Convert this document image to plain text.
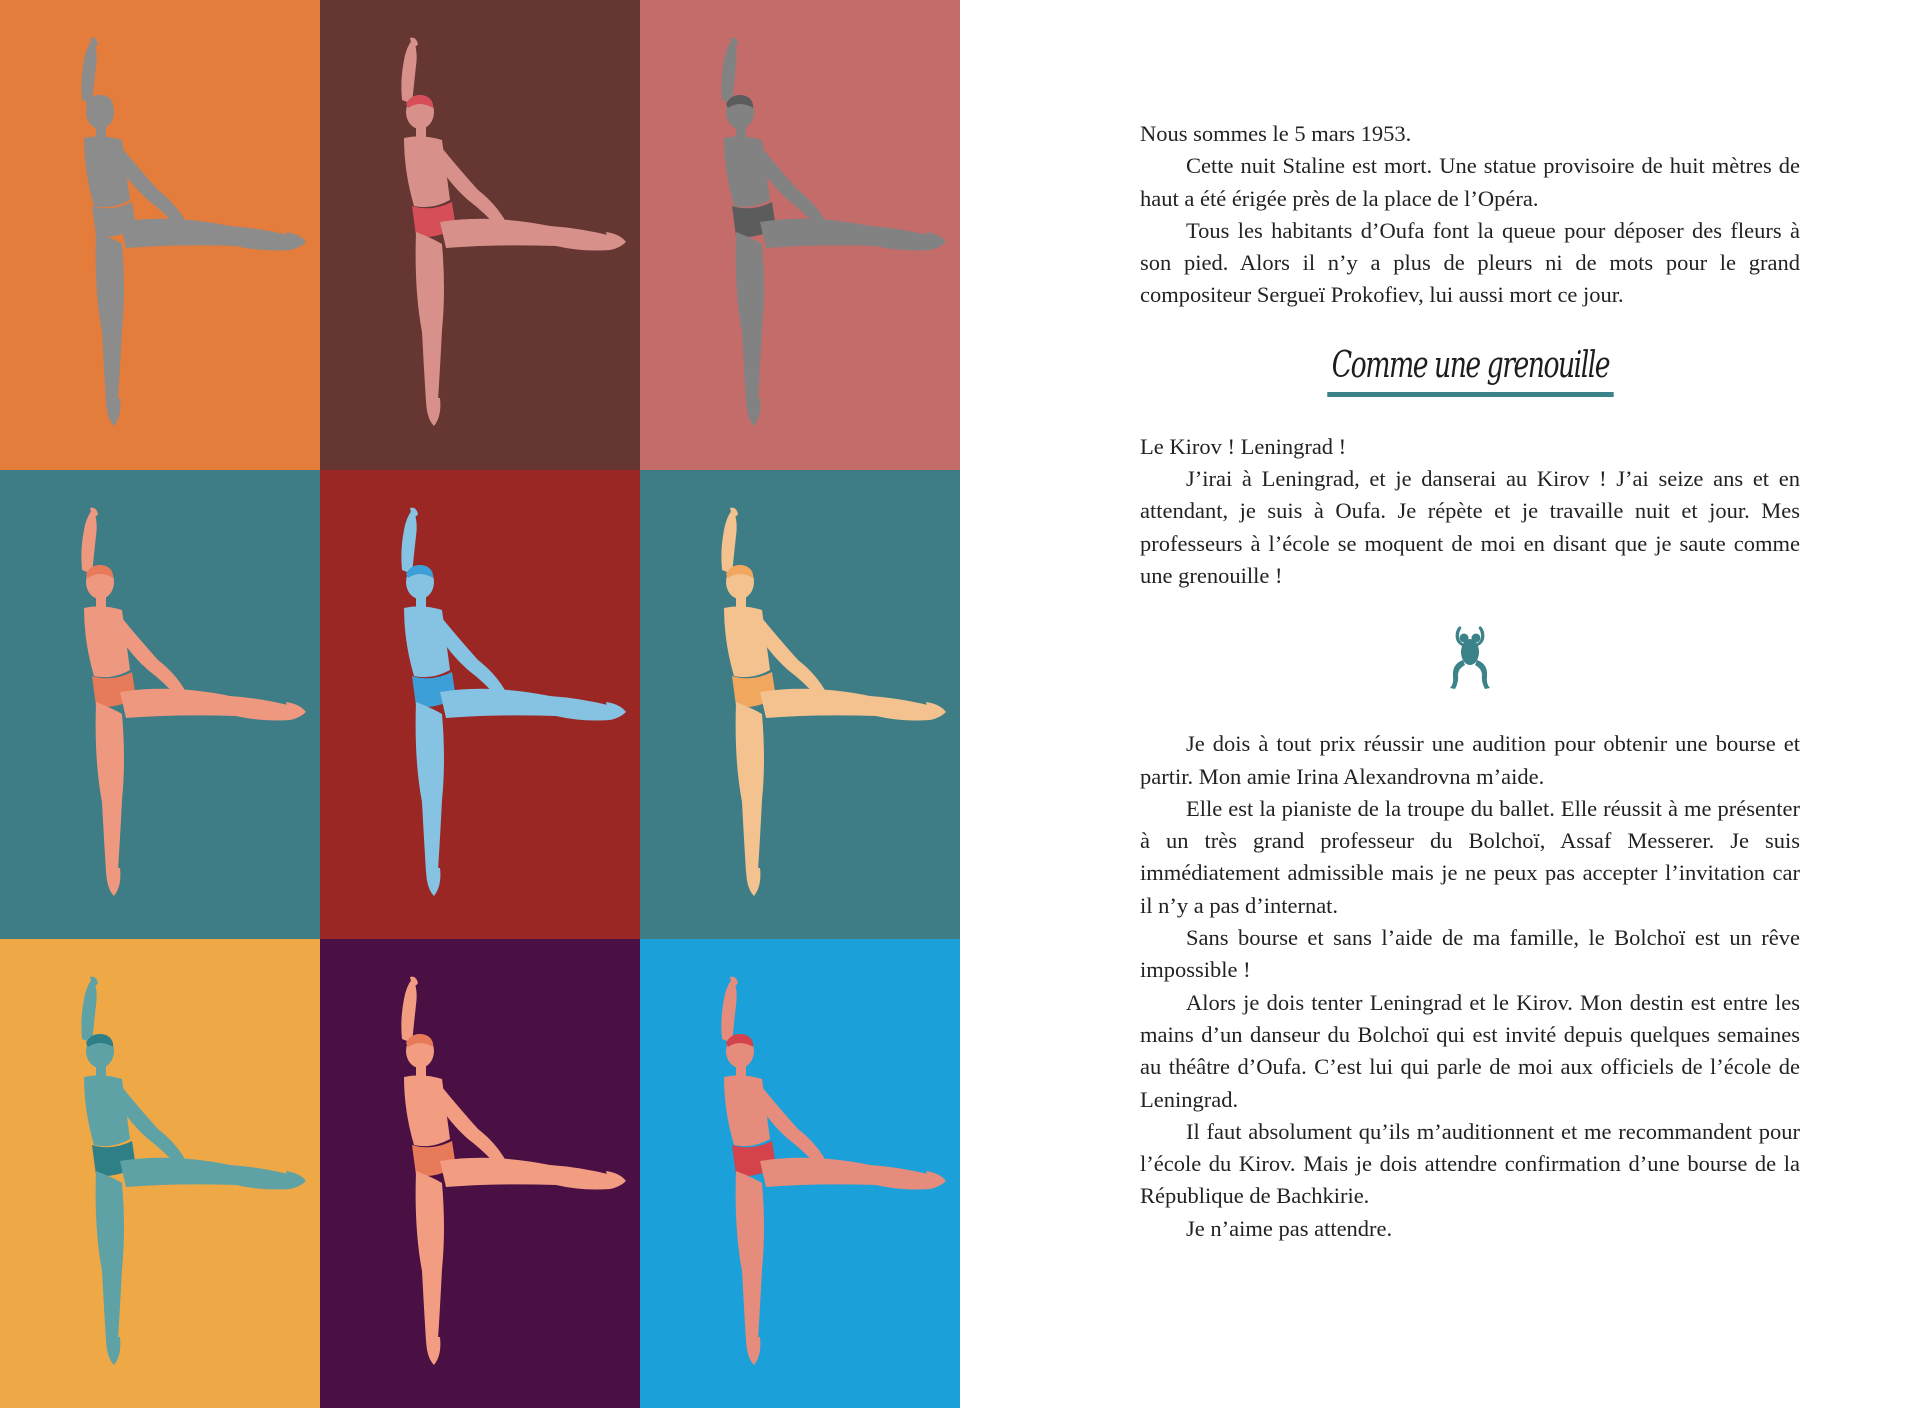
Nous sommes le 5 mars 1953.

Cette nuit Staline est mort. Une statue provisoire de huit mètres de haut a été érigée près de la place de l’Opéra.

Tous les habitants d’Oufa font la queue pour déposer des fleurs à son pied. Alors il n’y a plus de pleurs ni de mots pour le grand compositeur Sergueï Prokofiev, lui aussi mort ce jour.

Comme une grenouille

Le Kirov ! Leningrad !

J’irai à Leningrad, et je danserai au Kirov ! J’ai seize ans et en attendant, je suis à Oufa. Je répète et je travaille nuit et jour. Mes professeurs à l’école se moquent de moi en disant que je saute comme une grenouille !

Je dois à tout prix réussir une audition pour obtenir une bourse et partir. Mon amie Irina Alexandrovna m’aide.

Elle est la pianiste de la troupe du ballet. Elle réussit à me présenter à un très grand professeur du Bolchoï, Assaf Messerer. Je suis immédiatement admissible mais je ne peux pas accepter l’invitation car il n’y a pas d’internat.

Sans bourse et sans l’aide de ma famille, le Bolchoï est un rêve impossible !

Alors je dois tenter Leningrad et le Kirov. Mon destin est entre les mains d’un danseur du Bolchoï qui est invité depuis quelques semaines au théâtre d’Oufa. C’est lui qui parle de moi aux officiels de l’école de Leningrad.

Il faut absolument qu’ils m’auditionnent et me recommandent pour l’école du Kirov. Mais je dois attendre confirmation d’une bourse de la République de Bachkirie.

Je n’aime pas attendre.
